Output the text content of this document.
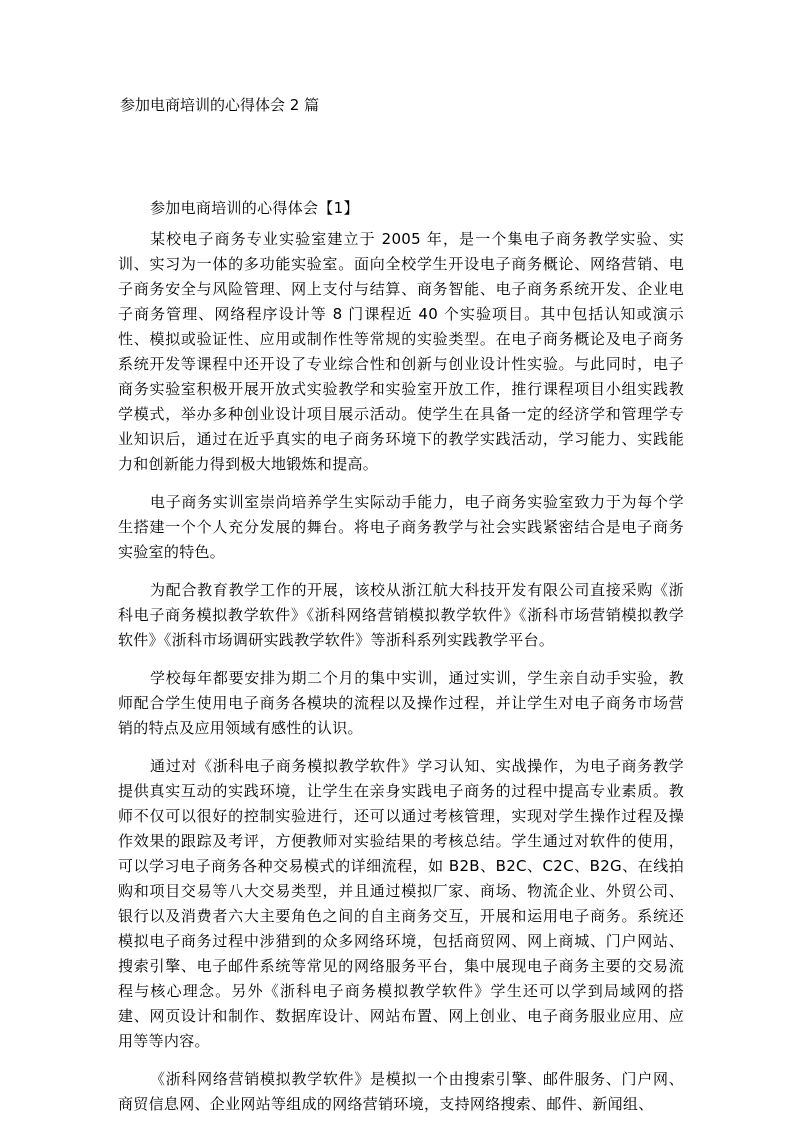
参加电商培训的心得体会 2 篇

参加电商培训的心得体会【1】

某校电子商务专业实验室建立于 2005 年，是一个集电子商务教学实验、实训、实习为一体的多功能实验室。面向全校学生开设电子商务概论、网络营销、电子商务安全与风险管理、网上支付与结算、商务智能、电子商务系统开发、企业电子商务管理、网络程序设计等 8 门课程近 40 个实验项目。其中包括认知或演示性、模拟或验证性、应用或制作性等常规的实验类型。在电子商务概论及电子商务系统开发等课程中还开设了专业综合性和创新与创业设计性实验。与此同时，电子商务实验室积极开展开放式实验教学和实验室开放工作，推行课程项目小组实践教学模式，举办多种创业设计项目展示活动。使学生在具备一定的经济学和管理学专业知识后，通过在近乎真实的电子商务环境下的教学实践活动，学习能力、实践能力和创新能力得到极大地锻炼和提高。

电子商务实训室崇尚培养学生实际动手能力，电子商务实验室致力于为每个学生搭建一个个人充分发展的舞台。将电子商务教学与社会实践紧密结合是电子商务实验室的特色。

为配合教育教学工作的开展，该校从浙江航大科技开发有限公司直接采购《浙科电子商务模拟教学软件》《浙科网络营销模拟教学软件》《浙科市场营销模拟教学软件》《浙科市场调研实践教学软件》等浙科系列实践教学平台。

学校每年都要安排为期二个月的集中实训，通过实训，学生亲自动手实验，教师配合学生使用电子商务各模块的流程以及操作过程，并让学生对电子商务市场营销的特点及应用领域有感性的认识。

通过对《浙科电子商务模拟教学软件》学习认知、实战操作，为电子商务教学提供真实互动的实践环境，让学生在亲身实践电子商务的过程中提高专业素质。教师不仅可以很好的控制实验进行，还可以通过考核管理，实现对学生操作过程及操作效果的跟踪及考评，方便教师对实验结果的考核总结。学生通过对软件的使用，可以学习电子商务各种交易模式的详细流程，如 B2B、B2C、C2C、B2G、在线拍购和项目交易等八大交易类型，并且通过模拟厂家、商场、物流企业、外贸公司、银行以及消费者六大主要角色之间的自主商务交互，开展和运用电子商务。系统还模拟电子商务过程中涉猎到的众多网络环境，包括商贸网、网上商城、门户网站、搜索引擎、电子邮件系统等常见的网络服务平台，集中展现电子商务主要的交易流程与核心理念。另外《浙科电子商务模拟教学软件》学生还可以学到局域网的搭建、网页设计和制作、数据库设计、网站布置、网上创业、电子商务服业应用、应用等等内容。

《浙科网络营销模拟教学软件》是模拟一个由搜索引擎、邮件服务、门户网、商贸信息网、企业网站等组成的网络营销环境，支持网络搜索、邮件、新闻组、
